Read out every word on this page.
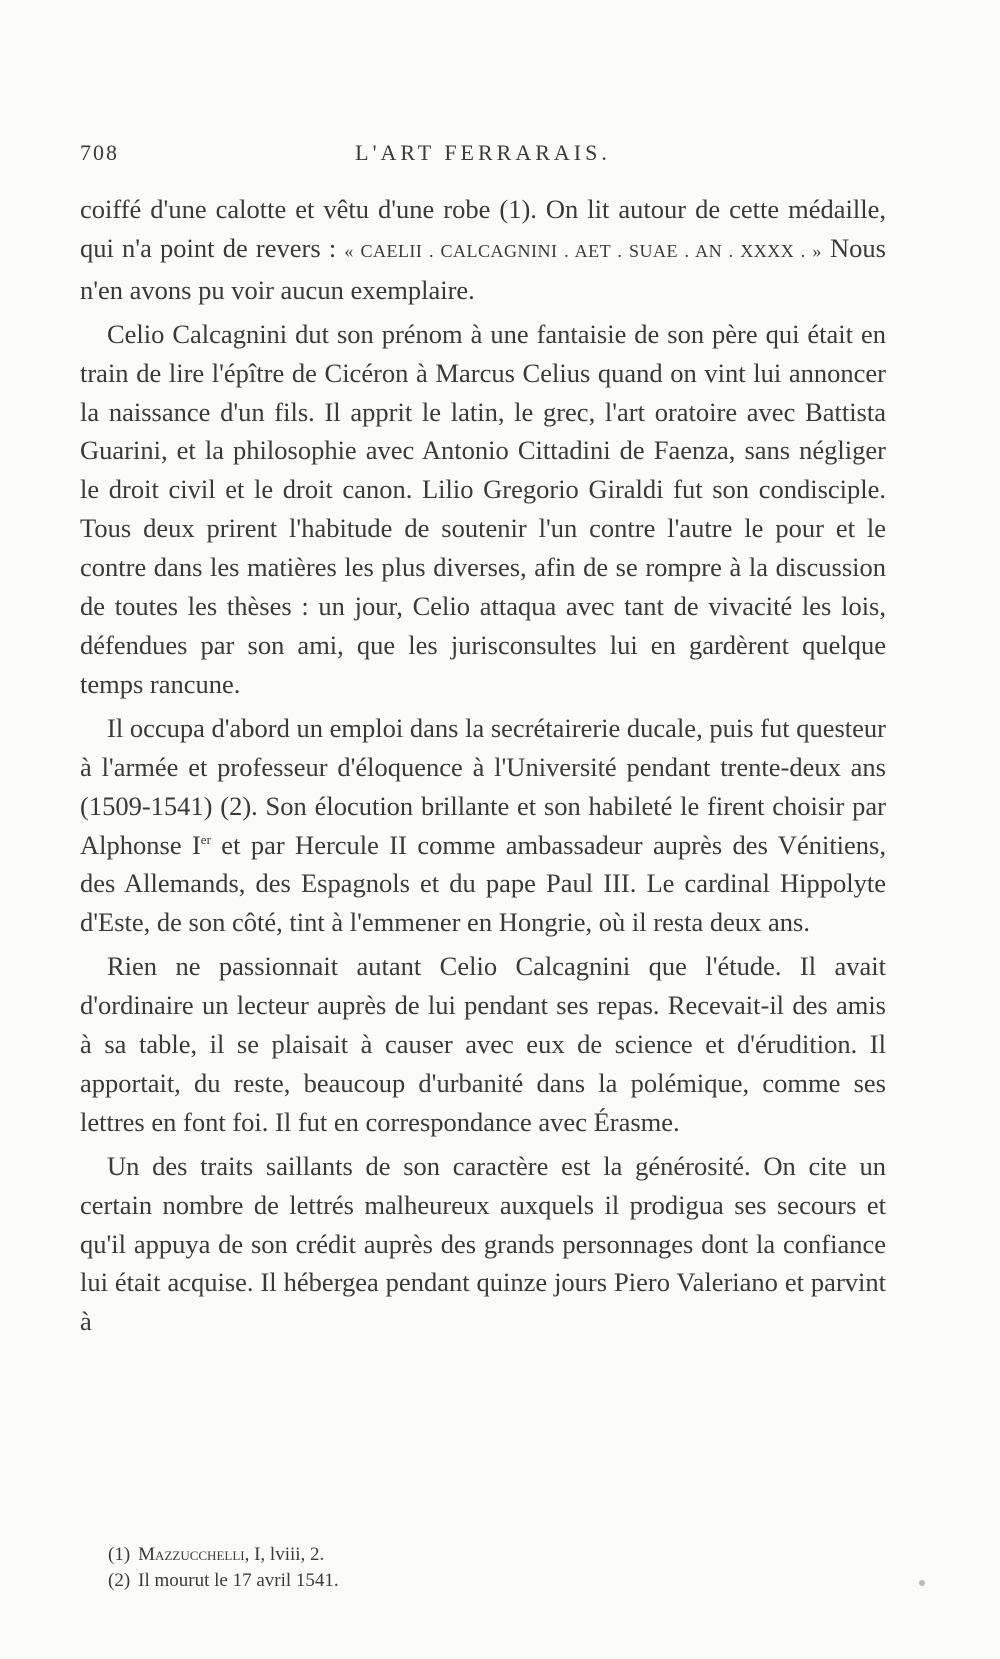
708	L'ART FERRARAIS.

coiffé d'une calotte et vêtu d'une robe (1). On lit autour de cette médaille, qui n'a point de revers : « CAELII . CALCAGNINI . AET . SUAE . AN . XXXX . » Nous n'en avons pu voir aucun exemplaire.

Celio Calcagnini dut son prénom à une fantaisie de son père qui était en train de lire l'épître de Cicéron à Marcus Celius quand on vint lui annoncer la naissance d'un fils. Il apprit le latin, le grec, l'art oratoire avec Battista Guarini, et la philosophie avec Antonio Cittadini de Faenza, sans négliger le droit civil et le droit canon. Lilio Gregorio Giraldi fut son condisciple. Tous deux prirent l'habitude de soutenir l'un contre l'autre le pour et le contre dans les matières les plus diverses, afin de se rompre à la discussion de toutes les thèses : un jour, Celio attaqua avec tant de vivacité les lois, défendues par son ami, que les jurisconsultes lui en gardèrent quelque temps rancune.

Il occupa d'abord un emploi dans la secrétairerie ducale, puis fut questeur à l'armée et professeur d'éloquence à l'Université pendant trente-deux ans (1509-1541) (2). Son élocution brillante et son habileté le firent choisir par Alphonse Ier et par Hercule II comme ambassadeur auprès des Vénitiens, des Allemands, des Espagnols et du pape Paul III. Le cardinal Hippolyte d'Este, de son côté, tint à l'emmener en Hongrie, où il resta deux ans.

Rien ne passionnait autant Celio Calcagnini que l'étude. Il avait d'ordinaire un lecteur auprès de lui pendant ses repas. Recevait-il des amis à sa table, il se plaisait à causer avec eux de science et d'érudition. Il apportait, du reste, beaucoup d'urbanité dans la polémique, comme ses lettres en font foi. Il fut en correspondance avec Érasme.

Un des traits saillants de son caractère est la générosité. On cite un certain nombre de lettrés malheureux auxquels il prodigua ses secours et qu'il appuya de son crédit auprès des grands personnages dont la confiance lui était acquise. Il hébergea pendant quinze jours Piero Valeriano et parvint à

(1) Mazzucchelli, I, lviii, 2.

(2) Il mourut le 17 avril 1541.
